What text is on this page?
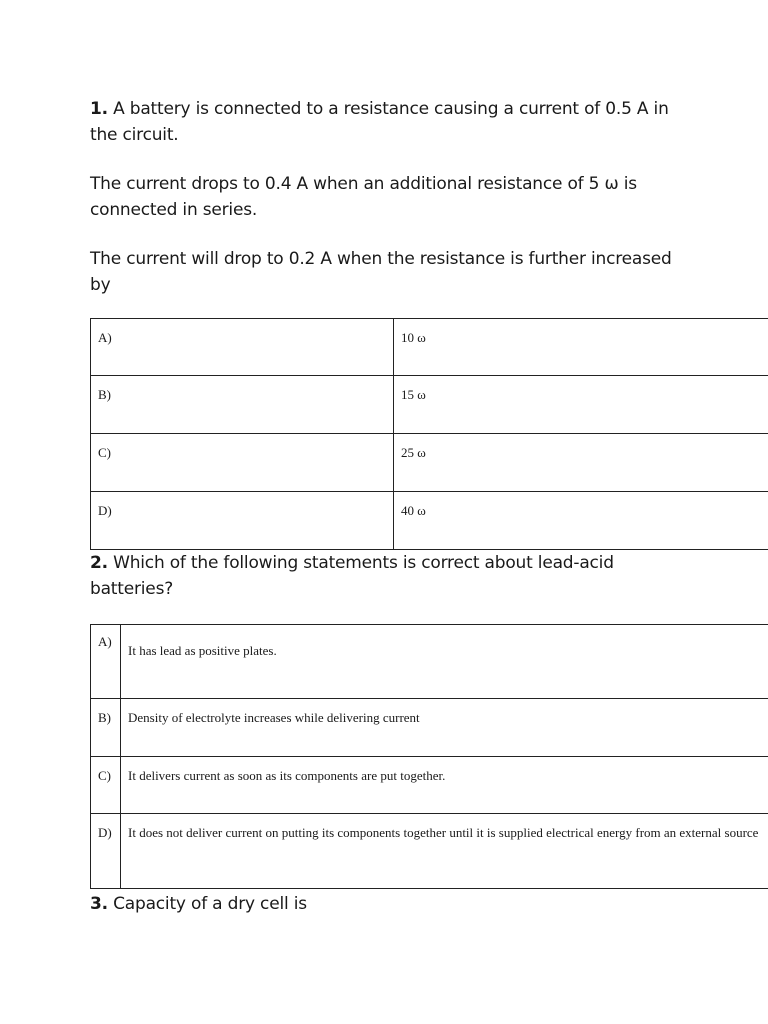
1. A battery is connected to a resistance causing a current of 0.5 A in the circuit.
The current drops to 0.4 A when an additional resistance of 5 ω is connected in series.
The current will drop to 0.2 A when the resistance is further increased by
A)	10 ω

B)	15 ω

C)	25 ω

D)	40 ω
2. Which of the following statements is correct about lead-acid batteries?
A)	It has lead as positive plates.

B)	Density of electrolyte increases while delivering current

C)	It delivers current as soon as its components are put together.

D)	It does not deliver current on putting its components together until it is supplied electrical energy from an external source
3. Capacity of a dry cell is
